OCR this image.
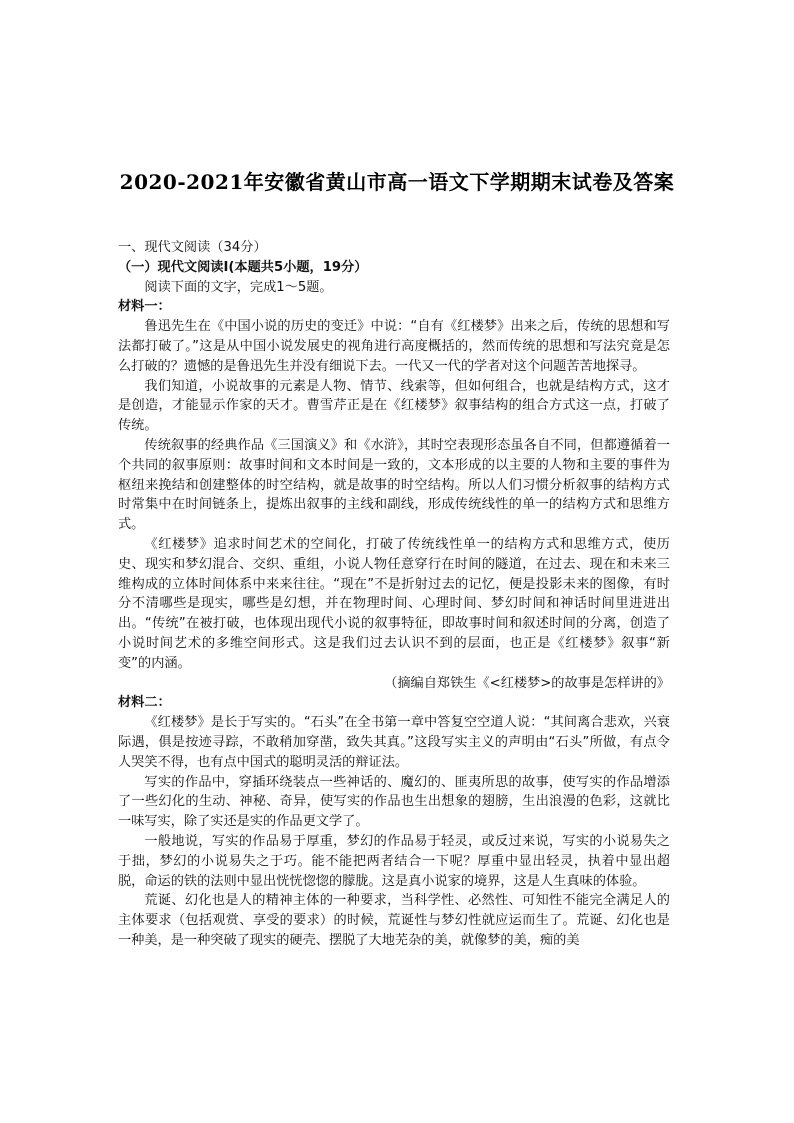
2020-2021年安徽省黄山市高一语文下学期期末试卷及答案

一、现代文阅读（34分）

（一）现代文阅读I(本题共5小题，19分）

阅读下面的文字，完成1～5题。

材料一：

鲁迅先生在《中国小说的历史的变迁》中说：“自有《红楼梦》出来之后，传统的思想和写法都打破了。”这是从中国小说发展史的视角进行高度概括的，然而传统的思想和写法究竟是怎么打破的？遗憾的是鲁迅先生并没有细说下去。一代又一代的学者对这个问题苦苦地探寻。

我们知道，小说故事的元素是人物、情节、线索等，但如何组合，也就是结构方式，这才是创造，才能显示作家的天才。曹雪芹正是在《红楼梦》叙事结构的组合方式这一点，打破了传统。

传统叙事的经典作品《三国演义》和《水浒》，其时空表现形态虽各自不同，但都遵循着一个共同的叙事原则：故事时间和文本时间是一致的，文本形成的以主要的人物和主要的事件为枢纽来挽结和创建整体的时空结构，就是故事的时空结构。所以人们习惯分析叙事的结构方式时常集中在时间链条上，提炼出叙事的主线和副线，形成传统线性的单一的结构方式和思维方式。

《红楼梦》追求时间艺术的空间化，打破了传统线性单一的结构方式和思维方式，使历史、现实和梦幻混合、交织、重组，小说人物任意穿行在时间的隧道，在过去、现在和未来三维构成的立体时间体系中来来往往。“现在”不是折射过去的记忆，便是投影未来的图像，有时分不清哪些是现实，哪些是幻想，并在物理时间、心理时间、梦幻时间和神话时间里进进出出。“传统”在被打破，也体现出现代小说的叙事特征，即故事时间和叙述时间的分离，创造了小说时间艺术的多维空间形式。这是我们过去认识不到的层面，也正是《红楼梦》叙事“新变”的内涵。

（摘编自郑铁生《<红楼梦>的故事是怎样讲的》

材料二：

《红楼梦》是长于写实的。“石头”在全书第一章中答复空空道人说：“其间离合悲欢，兴衰际遇，俱是按迹寻踪，不敢稍加穿凿，致失其真。”这段写实主义的声明由“石头”所做，有点令人哭笑不得，也有点中国式的聪明灵活的辩证法。

写实的作品中，穿插环绕装点一些神话的、魔幻的、匪夷所思的故事，使写实的作品增添了一些幻化的生动、神秘、奇异，使写实的作品也生出想象的翅膀，生出浪漫的色彩，这就比一味写实，除了实还是实的作品更文学了。

一般地说，写实的作品易于厚重，梦幻的作品易于轻灵，或反过来说，写实的小说易失之于拙，梦幻的小说易失之于巧。能不能把两者结合一下呢？厚重中显出轻灵，执着中显出超脱，命运的铁的法则中显出恍恍惚惚的朦胧。这是真小说家的境界，这是人生真味的体验。

荒诞、幻化也是人的精神主体的一种要求，当科学性、必然性、可知性不能完全满足人的主体要求（包括观赏、享受的要求）的时候，荒诞性与梦幻性就应运而生了。荒诞、幻化也是一种美，是一种突破了现实的硬壳、摆脱了大地芜杂的美，就像梦的美，痴的美
